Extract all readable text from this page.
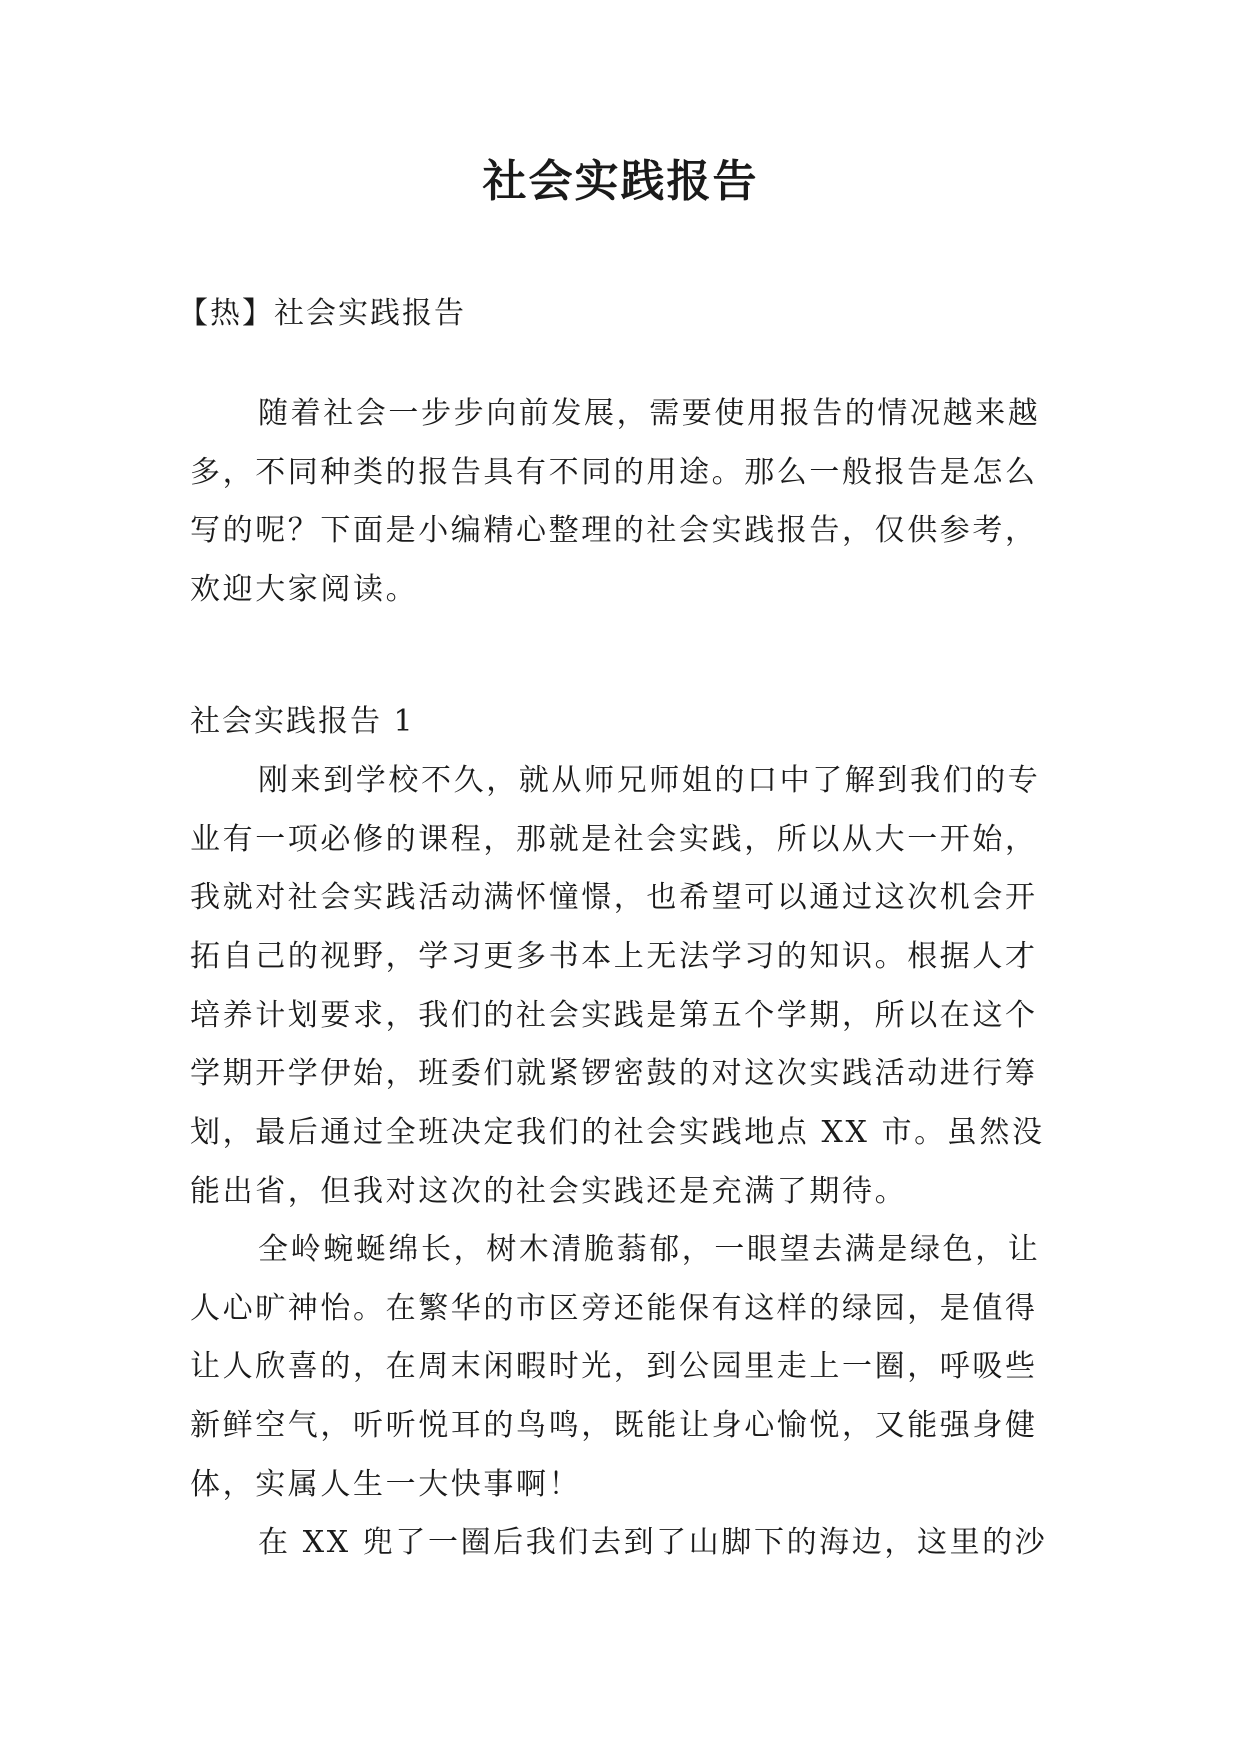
社会实践报告
【热】社会实践报告
随着社会一步步向前发展，需要使用报告的情况越来越
多，不同种类的报告具有不同的用途。那么一般报告是怎么
写的呢？下面是小编精心整理的社会实践报告，仅供参考，
欢迎大家阅读。
社会实践报告 1
刚来到学校不久，就从师兄师姐的口中了解到我们的专
业有一项必修的课程，那就是社会实践，所以从大一开始，
我就对社会实践活动满怀憧憬，也希望可以通过这次机会开
拓自己的视野，学习更多书本上无法学习的知识。根据人才
培养计划要求，我们的社会实践是第五个学期，所以在这个
学期开学伊始，班委们就紧锣密鼓的对这次实践活动进行筹
划，最后通过全班决定我们的社会实践地点 XX 市。虽然没
能出省，但我对这次的社会实践还是充满了期待。
全岭蜿蜒绵长，树木清脆蓊郁，一眼望去满是绿色，让
人心旷神怡。在繁华的市区旁还能保有这样的绿园，是值得
让人欣喜的，在周末闲暇时光，到公园里走上一圈，呼吸些
新鲜空气，听听悦耳的鸟鸣，既能让身心愉悦，又能强身健
体，实属人生一大快事啊！
在 XX 兜了一圈后我们去到了山脚下的海边，这里的沙
